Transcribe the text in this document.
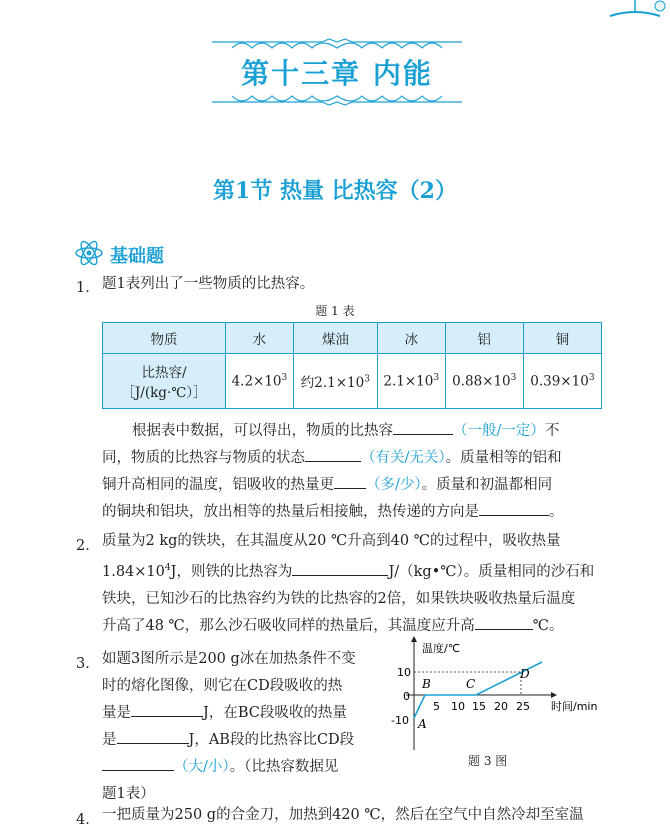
第十三章 内能
第1节 热量 比热容（2）
基础题
1． 题1表列出了一些物质的比热容。
题 1 表
物质	水	煤油	冰	铝	铜
比热容/
［J/(kg·℃）］	$4.2\times 10^3$	约$2.1\times 10^3$	$2.1\times 10^3$	$0.88\times 10^3$	$0.39\times 10^3$
根据表中数据，可以得出，物质的比热容	（一般/一定）不
同，物质的比热容与物质的状态	（有关/无关）。质量相等的铝和
铜升高相同的温度，铝吸收的热量更 （多/少）。质量和初温都相同
的铜块和铝块，放出相等的热量后相接触，热传递的方向是	。
2． 质量为2 kg的铁块，在其温度从20 ℃升高到40 ℃的过程中，吸收热量
$1.84\times 10^4J$，则铁的比热容为	J/（kg•℃）。质量相同的沙石和
铁块，已知沙石的比热容约为铁的比热容的2倍，如果铁块吸收热量后温度
升高了48 ℃，那么沙石吸收同样的热量后，其温度应升高	℃。
3． 如题3图所示是200 g冰在加热条件不变
时的熔化图像，则它在CD段吸收的热
量是	J，在BC段吸收的热量
是	J，AB段的比热容比CD段
（大/小）。（比热容数据见
题1表）
温度/℃
时间/min
10
0
-10
5 10 15 20 25
A
B	C
D
题 3 图
4． 一把质量为250 g的合金刀，加热到420 ℃，然后在空气中自然冷却至室温
